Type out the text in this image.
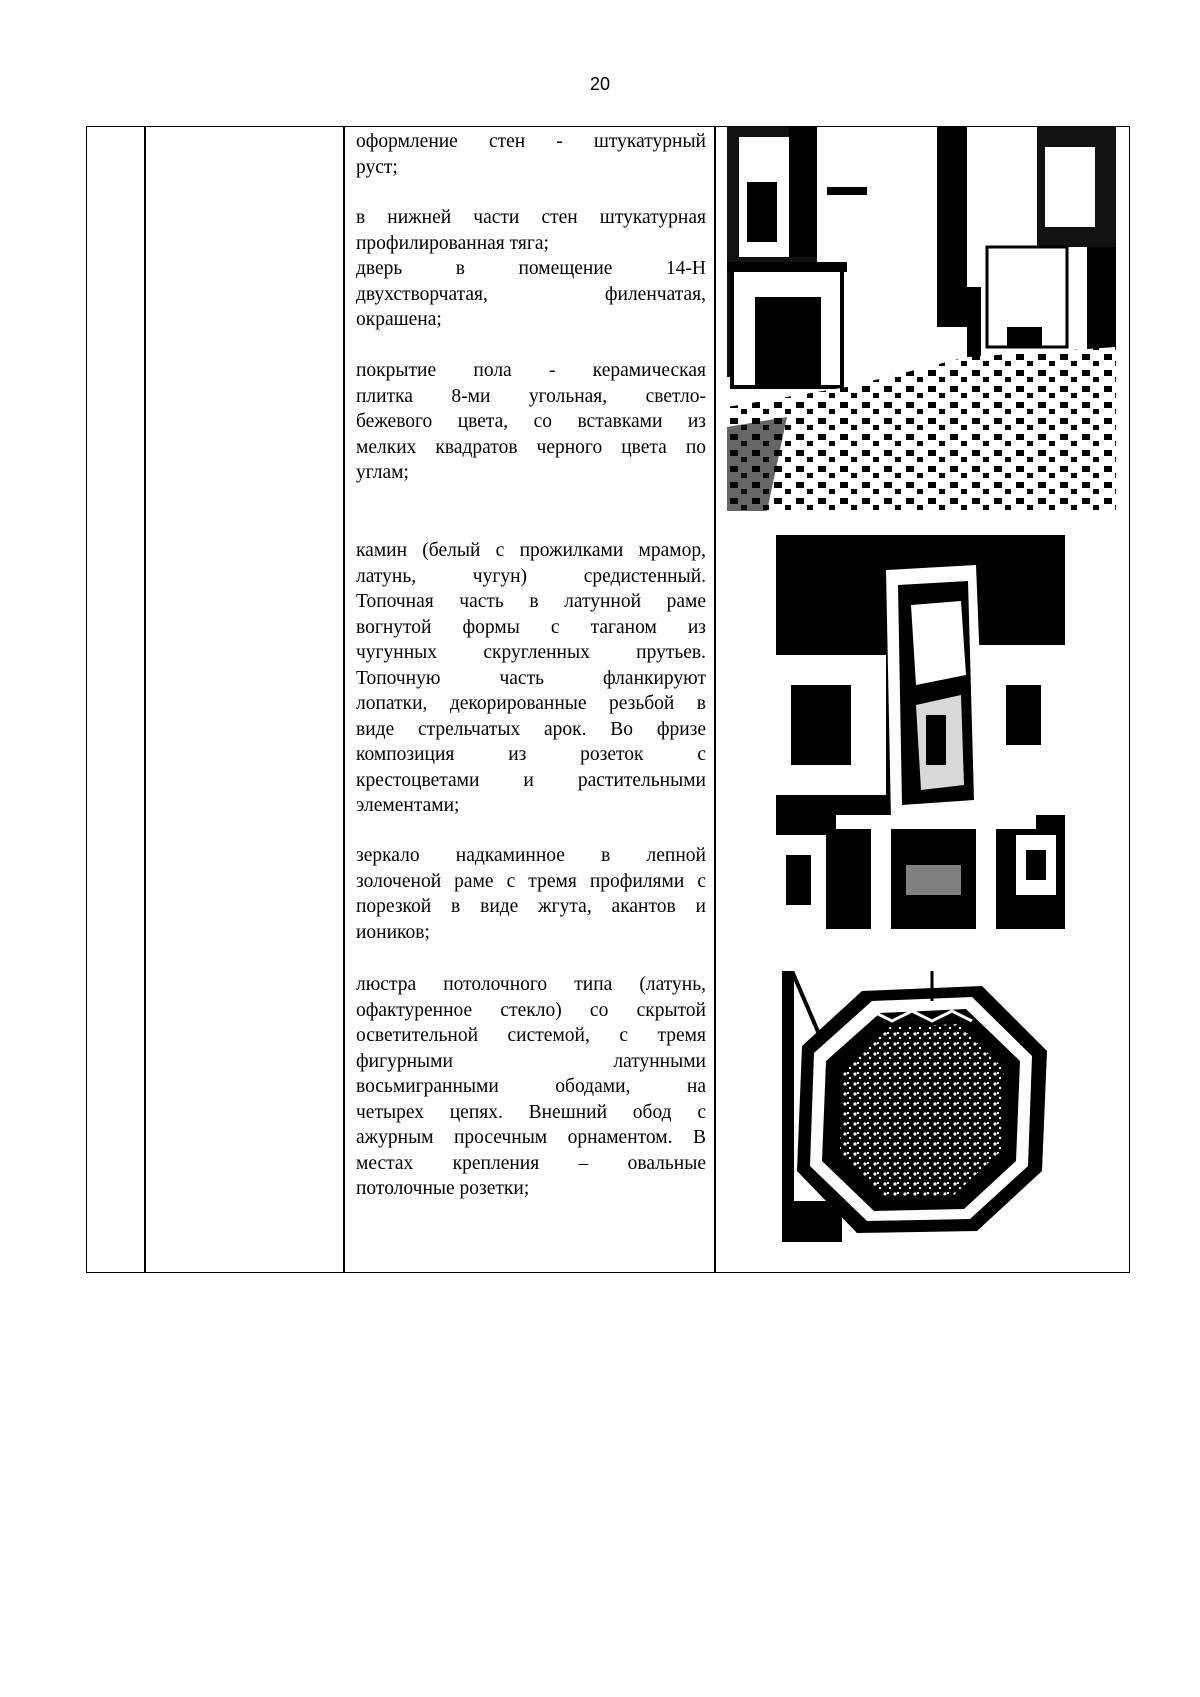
20
оформление стен - штукатурный
руст;
в нижней части стен штукатурная
профилированная тяга;
дверь в помещение 14-Н
двухстворчатая, филенчатая,
окрашена;
покрытие пола - керамическая
плитка 8-ми угольная, светло-
бежевого цвета, со вставками из
мелких квадратов черного цвета по
углам;
камин (белый с прожилками мрамор,
латунь, чугун) средистенный.
Топочная часть в латунной раме
вогнутой формы с таганом из
чугунных скругленных прутьев.
Топочную часть фланкируют
лопатки, декорированные резьбой в
виде стрельчатых арок. Во фризе
композиция из розеток с
крестоцветами и растительными
элементами;
зеркало надкаминное в лепной
золоченой раме с тремя профилями с
порезкой в виде жгута, акантов и
иоников;
люстра потолочного типа (латунь,
офактуренное стекло) со скрытой
осветительной системой, с тремя
фигурными латунными
восьмигранными ободами, на
четырех цепях. Внешний обод с
ажурным просечным орнаментом. В
местах крепления – овальные
потолочные розетки;
